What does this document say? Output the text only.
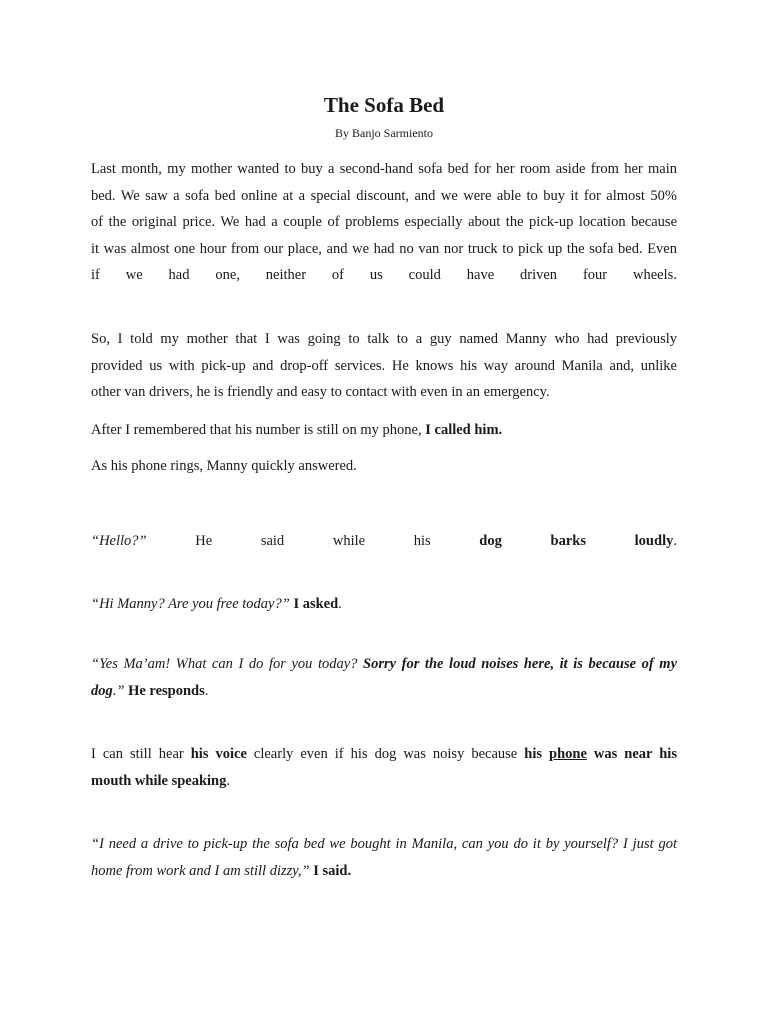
The Sofa Bed
By Banjo Sarmiento
Last month, my mother wanted to buy a second-hand sofa bed for her room aside from her main
bed. We saw a sofa bed online at a special discount, and we were able to buy it for almost 50%
of the original price. We had a couple of problems especially about the pick-up location because
it was almost one hour from our place, and we had no van nor truck to pick up the sofa bed. Even
if we had one, neither of us could have driven four wheels.
So, I told my mother that I was going to talk to a guy named Manny who had previously
provided us with pick-up and drop-off services. He knows his way around Manila and, unlike
other van drivers, he is friendly and easy to contact with even in an emergency.
After I remembered that his number is still on my phone, I called him.
As his phone rings, Manny quickly answered.
“Hello?”	He	said	while	his	dog	barks	loudly.
“Hi Manny? Are you free today?” I asked.
“Yes Ma’am! What can I do for you today? Sorry for the loud noises here, it is because of my
dog.” He responds.
I can still hear his voice clearly even if his dog was noisy because his phone was near his
mouth while speaking.
“I need a drive to pick-up the sofa bed we bought in Manila, can you do it by yourself? I just got
home from work and I am still dizzy,” I said.
